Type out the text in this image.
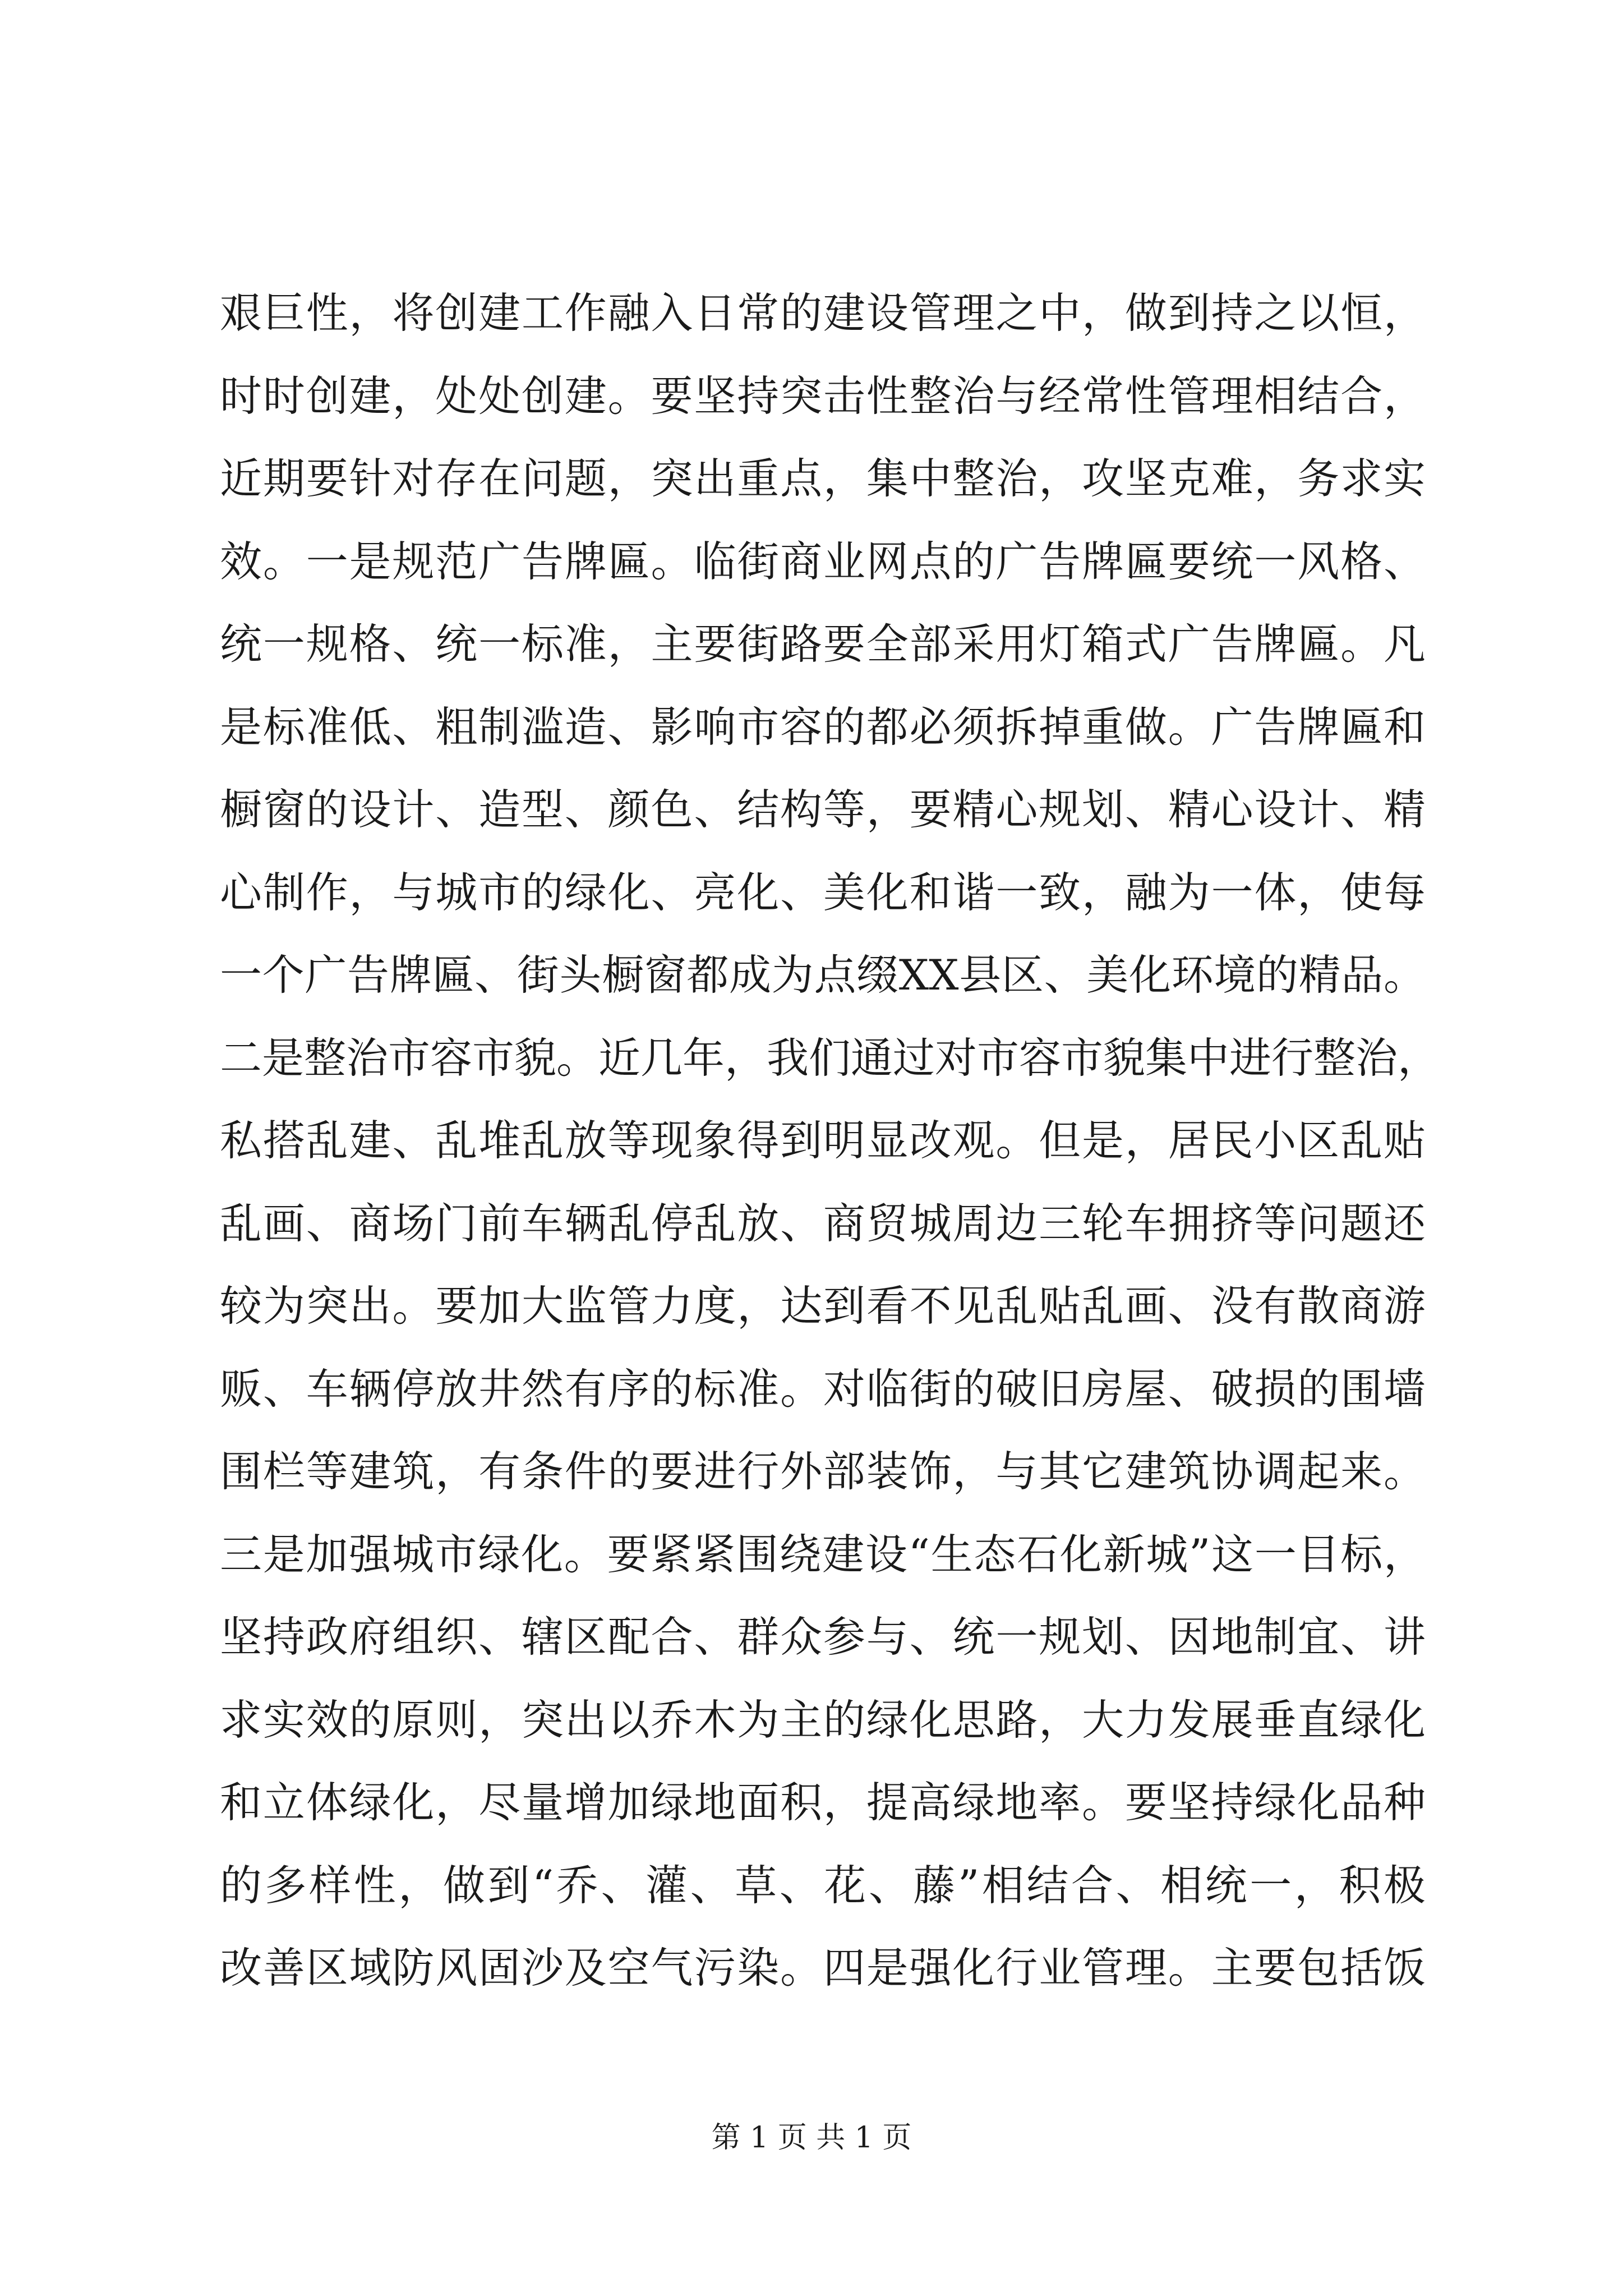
艰巨性，将创建工作融入日常的建设管理之中，做到持之以恒，
时时创建，处处创建。要坚持突击性整治与经常性管理相结合，
近期要针对存在问题，突出重点，集中整治，攻坚克难，务求实
效。一是规范广告牌匾。临街商业网点的广告牌匾要统一风格、
统一规格、统一标准，主要街路要全部采用灯箱式广告牌匾。凡
是标准低、粗制滥造、影响市容的都必须拆掉重做。广告牌匾和
橱窗的设计、造型、颜色、结构等，要精心规划、精心设计、精
心制作，与城市的绿化、亮化、美化和谐一致，融为一体，使每
一个广告牌匾、街头橱窗都成为点缀XX县区、美化环境的精品。
二是整治市容市貌。近几年，我们通过对市容市貌集中进行整治，
私搭乱建、乱堆乱放等现象得到明显改观。但是，居民小区乱贴
乱画、商场门前车辆乱停乱放、商贸城周边三轮车拥挤等问题还
较为突出。要加大监管力度，达到看不见乱贴乱画、没有散商游
贩、车辆停放井然有序的标准。对临街的破旧房屋、破损的围墙
围栏等建筑，有条件的要进行外部装饰，与其它建筑协调起来。
三是加强城市绿化。要紧紧围绕建设“生态石化新城”这一目标，
坚持政府组织、辖区配合、群众参与、统一规划、因地制宜、讲
求实效的原则，突出以乔木为主的绿化思路，大力发展垂直绿化
和立体绿化，尽量增加绿地面积，提高绿地率。要坚持绿化品种
的多样性，做到“乔、灌、草、花、藤”相结合、相统一，积极
改善区域防风固沙及空气污染。四是强化行业管理。主要包括饭
第 1 页 共 1 页
